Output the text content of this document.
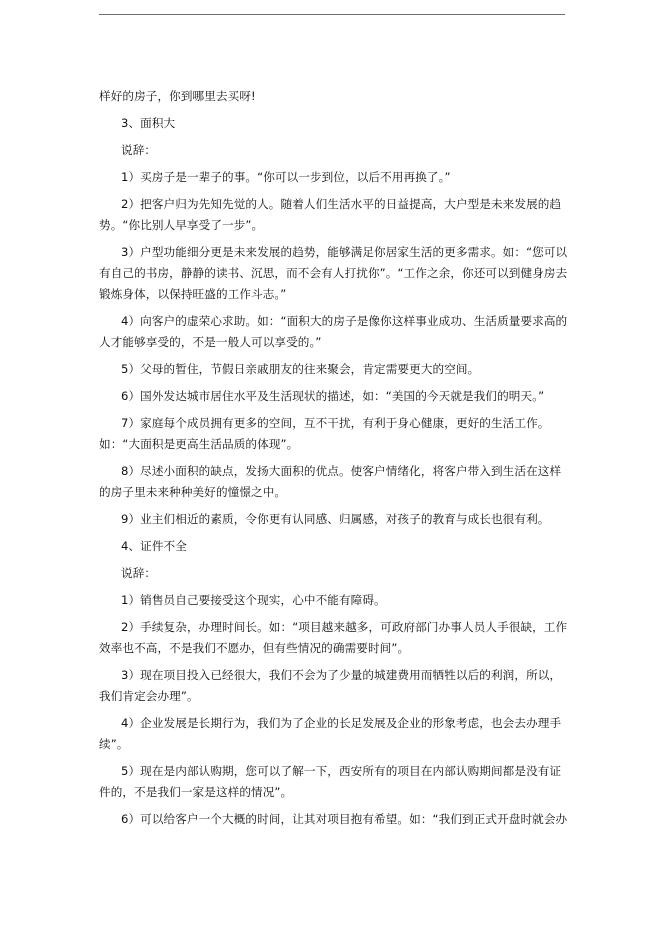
样好的房子，你到哪里去买呀!

3、面积大

说辞：

1）买房子是一辈子的事。“你可以一步到位，以后不用再换了。”

2）把客户归为先知先觉的人。随着人们生活水平的日益提高，大户型是未来发展的趋势。“你比别人早享受了一步”。

3）户型功能细分更是未来发展的趋势，能够满足你居家生活的更多需求。如：“您可以有自己的书房，静静的读书、沉思，而不会有人打扰你”。“工作之余，你还可以到健身房去锻炼身体，以保持旺盛的工作斗志。”

4）向客户的虚荣心求助。如：“面积大的房子是像你这样事业成功、生活质量要求高的人才能够享受的，不是一般人可以享受的。”

5）父母的暂住，节假日亲戚朋友的往来聚会，肯定需要更大的空间。

6）国外发达城市居住水平及生活现状的描述，如：“美国的今天就是我们的明天。”

7）家庭每个成员拥有更多的空间，互不干扰，有利于身心健康，更好的生活工作。如：“大面积是更高生活品质的体现”。

8）尽述小面积的缺点，发扬大面积的优点。使客户情绪化，将客户带入到生活在这样的房子里未来种种美好的憧憬之中。

9）业主们相近的素质，令你更有认同感、归属感，对孩子的教育与成长也很有利。

4、证件不全

说辞：

1）销售员自己要接受这个现实，心中不能有障碍。

2）手续复杂，办理时间长。如：“项目越来越多，可政府部门办事人员人手很缺，工作效率也不高，不是我们不愿办，但有些情况的确需要时间”。

3）现在项目投入已经很大，我们不会为了少量的城建费用而牺牲以后的利润，所以，我们肯定会办理”。

4）企业发展是长期行为，我们为了企业的长足发展及企业的形象考虑，也会去办理手续”。

5）现在是内部认购期，您可以了解一下，西安所有的项目在内部认购期间都是没有证件的，不是我们一家是这样的情况”。

6）可以给客户一个大概的时间，让其对项目抱有希望。如：“我们到正式开盘时就会办
